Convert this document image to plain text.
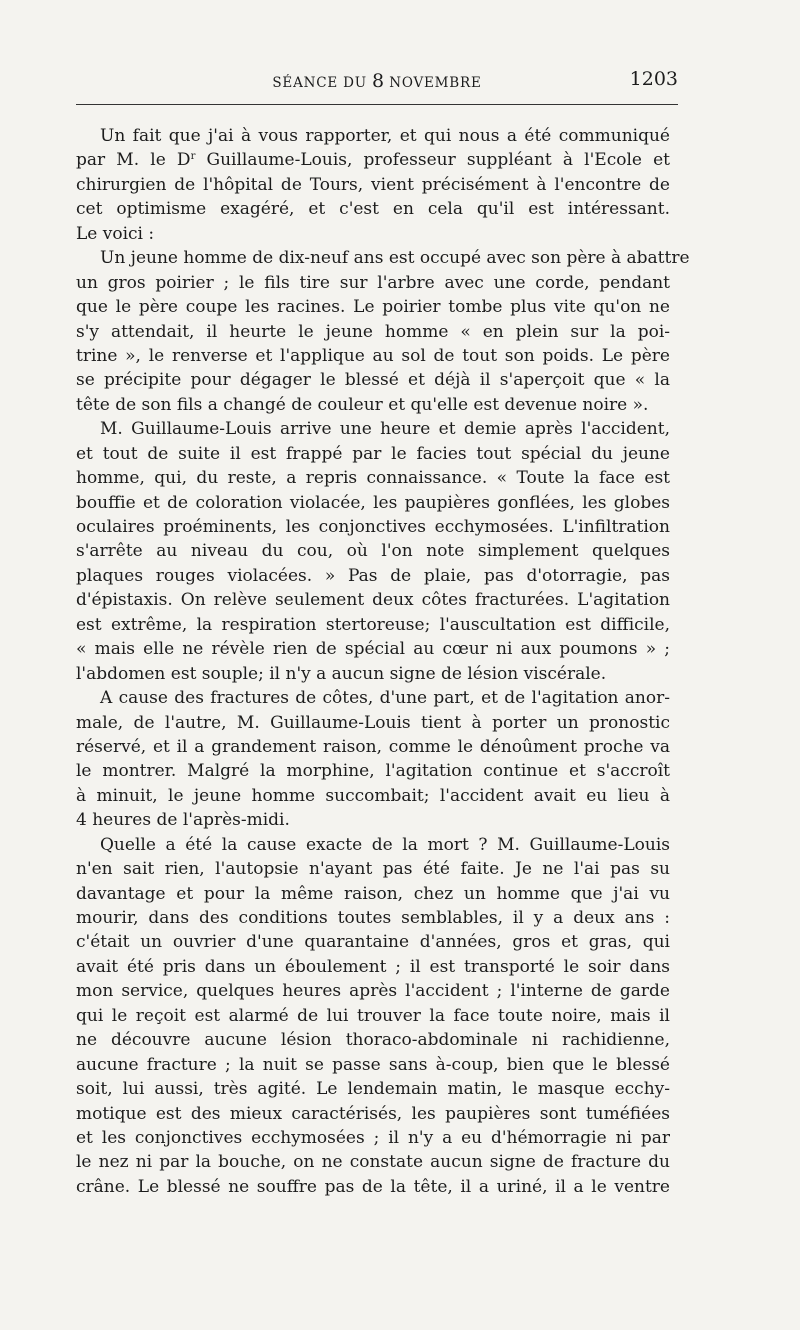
SÉANCE DU 8 NOVEMBRE	1203
Un fait que j'ai à vous rapporter, et qui nous a été communiqué
par M. le $D^r$ Guillaume-Louis, professeur suppléant à l'Ecole et
chirurgien de l'hôpital de Tours, vient précisément à l'encontre de
cet optimisme exagéré, et c'est en cela qu'il est intéressant.
Le voici :
Un jeune homme de dix-neuf ans est occupé avec son père à abattre
un gros poirier ; le fils tire sur l'arbre avec une corde, pendant
que le père coupe les racines. Le poirier tombe plus vite qu'on ne
s'y attendait, il heurte le jeune homme « en plein sur la poi-
trine », le renverse et l'applique au sol de tout son poids. Le père
se précipite pour dégager le blessé et déjà il s'aperçoit que « la
tête de son fils a changé de couleur et qu'elle est devenue noire ».
M. Guillaume-Louis arrive une heure et demie après l'accident,
et tout de suite il est frappé par le facies tout spécial du jeune
homme, qui, du reste, a repris connaissance. « Toute la face est
bouffie et de coloration violacée, les paupières gonflées, les globes
oculaires proéminents, les conjonctives ecchymosées. L'infiltration
s'arrête au niveau du cou, où l'on note simplement quelques
plaques rouges violacées. » Pas de plaie, pas d'otorragie, pas
d'épistaxis. On relève seulement deux côtes fracturées. L'agitation
est extrême, la respiration stertoreuse; l'auscultation est difficile,
« mais elle ne révèle rien de spécial au cœur ni aux poumons » ;
l'abdomen est souple; il n'y a aucun signe de lésion viscérale.
A cause des fractures de côtes, d'une part, et de l'agitation anor-
male, de l'autre, M. Guillaume-Louis tient à porter un pronostic
réservé, et il a grandement raison, comme le dénoûment proche va
le montrer. Malgré la morphine, l'agitation continue et s'accroît
à minuit, le jeune homme succombait; l'accident avait eu lieu à
4 heures de l'après-midi.
Quelle a été la cause exacte de la mort ? M. Guillaume-Louis
n'en sait rien, l'autopsie n'ayant pas été faite. Je ne l'ai pas su
davantage et pour la même raison, chez un homme que j'ai vu
mourir, dans des conditions toutes semblables, il y a deux ans :
c'était un ouvrier d'une quarantaine d'années, gros et gras, qui
avait été pris dans un éboulement ; il est transporté le soir dans
mon service, quelques heures après l'accident ; l'interne de garde
qui le reçoit est alarmé de lui trouver la face toute noire, mais il
ne découvre aucune lésion thoraco-abdominale ni rachidienne,
aucune fracture ; la nuit se passe sans à-coup, bien que le blessé
soit, lui aussi, très agité. Le lendemain matin, le masque ecchy-
motique est des mieux caractérisés, les paupières sont tuméfiées
et les conjonctives ecchymosées ; il n'y a eu d'hémorragie ni par
le nez ni par la bouche, on ne constate aucun signe de fracture du
crâne. Le blessé ne souffre pas de la tête, il a uriné, il a le ventre
